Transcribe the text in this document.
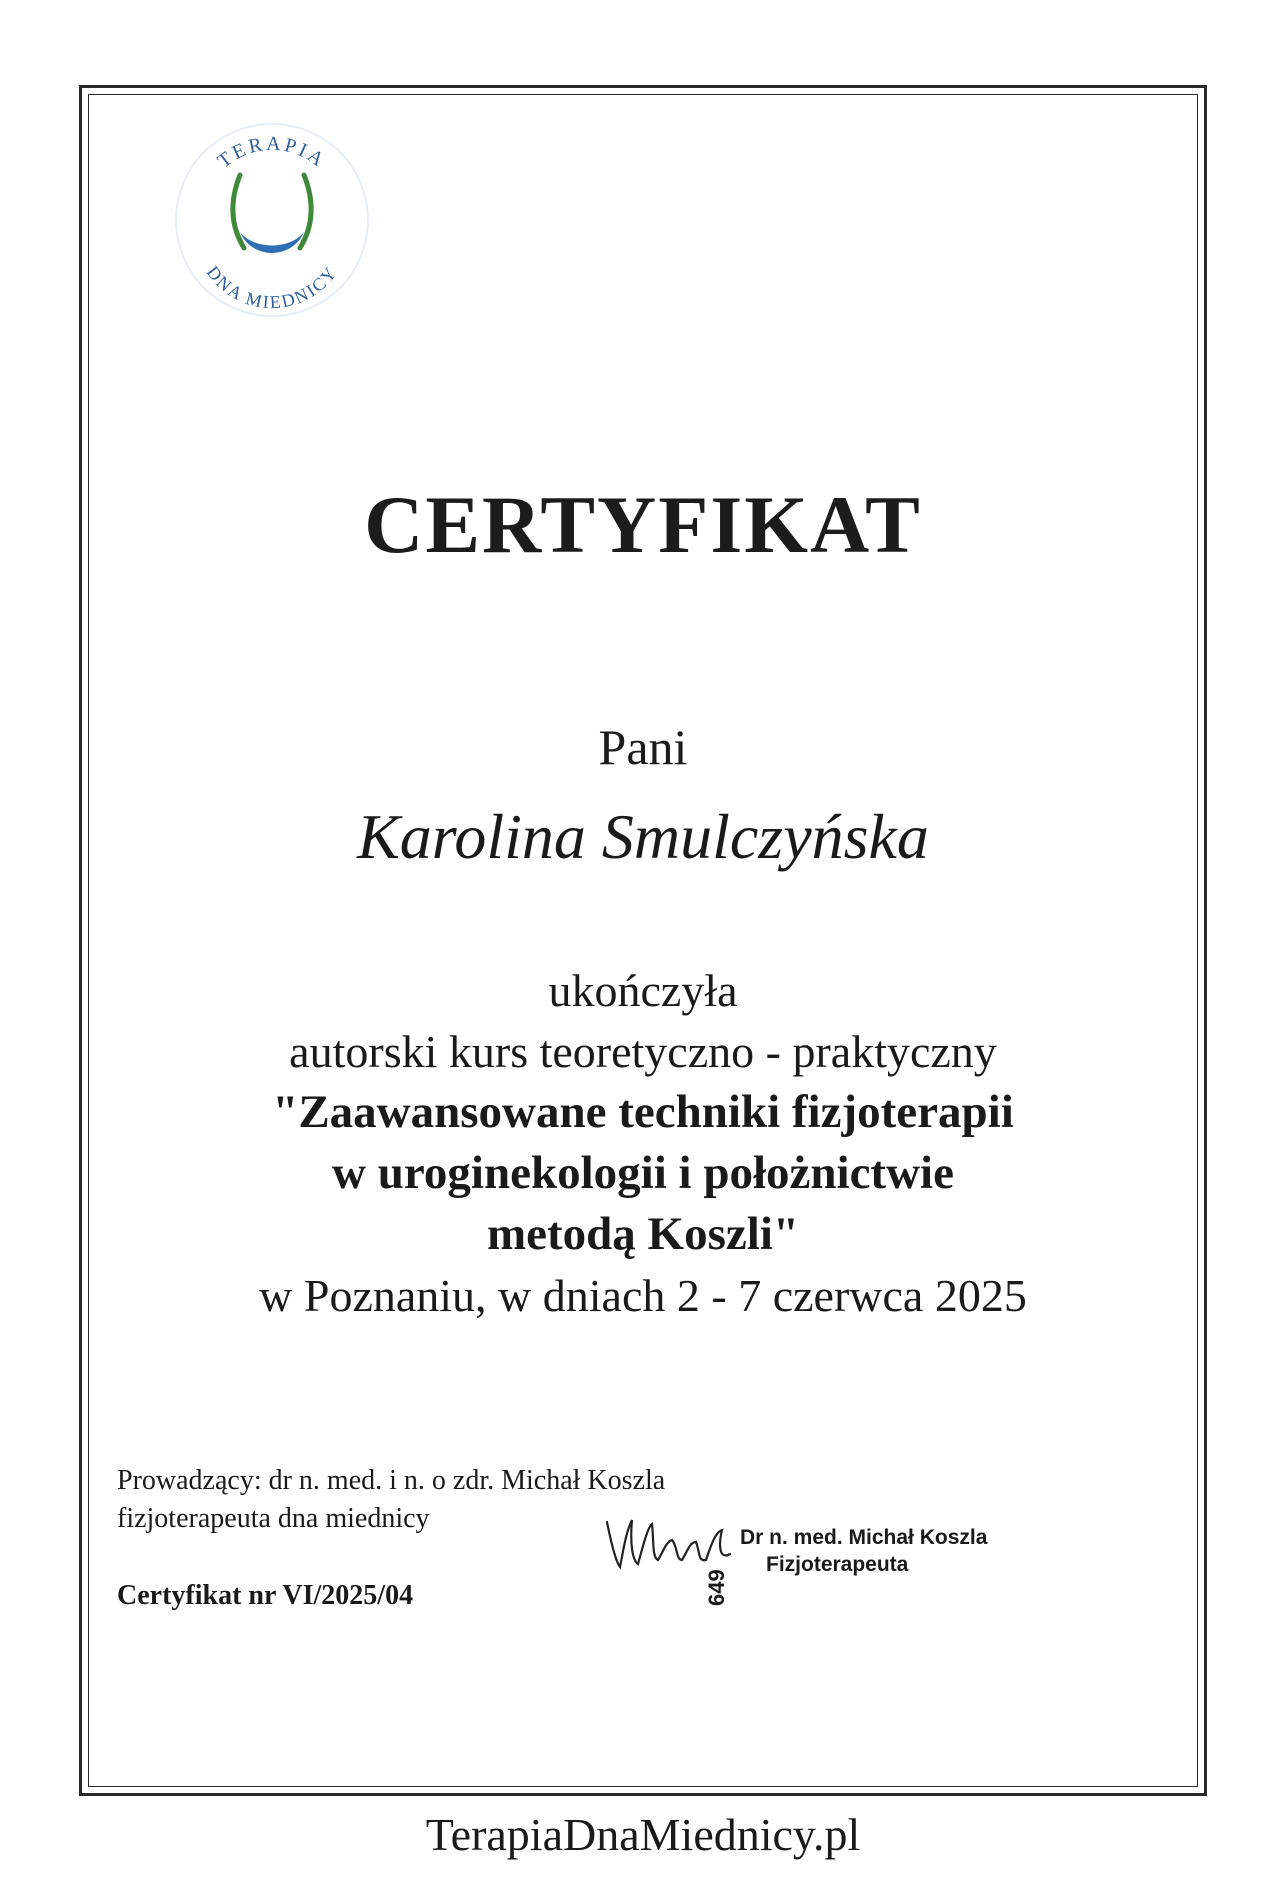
TERAPIA
DNA MIEDNICY
CERTYFIKAT
Pani
Karolina Smulczyńska
ukończyła
autorski kurs teoretyczno - praktyczny
"Zaawansowane techniki fizjoterapii
w uroginekologii i położnictwie
metodą Koszli"
w Poznaniu, w dniach 2 - 7 czerwca 2025
Prowadzący: dr n. med. i n. o zdr. Michał Koszla
fizjoterapeuta dna miednicy
Certyfikat nr VI/2025/04	649
Dr n. med. Michał Koszla
Fizjoterapeuta
TerapiaDnaMiednicy.pl
